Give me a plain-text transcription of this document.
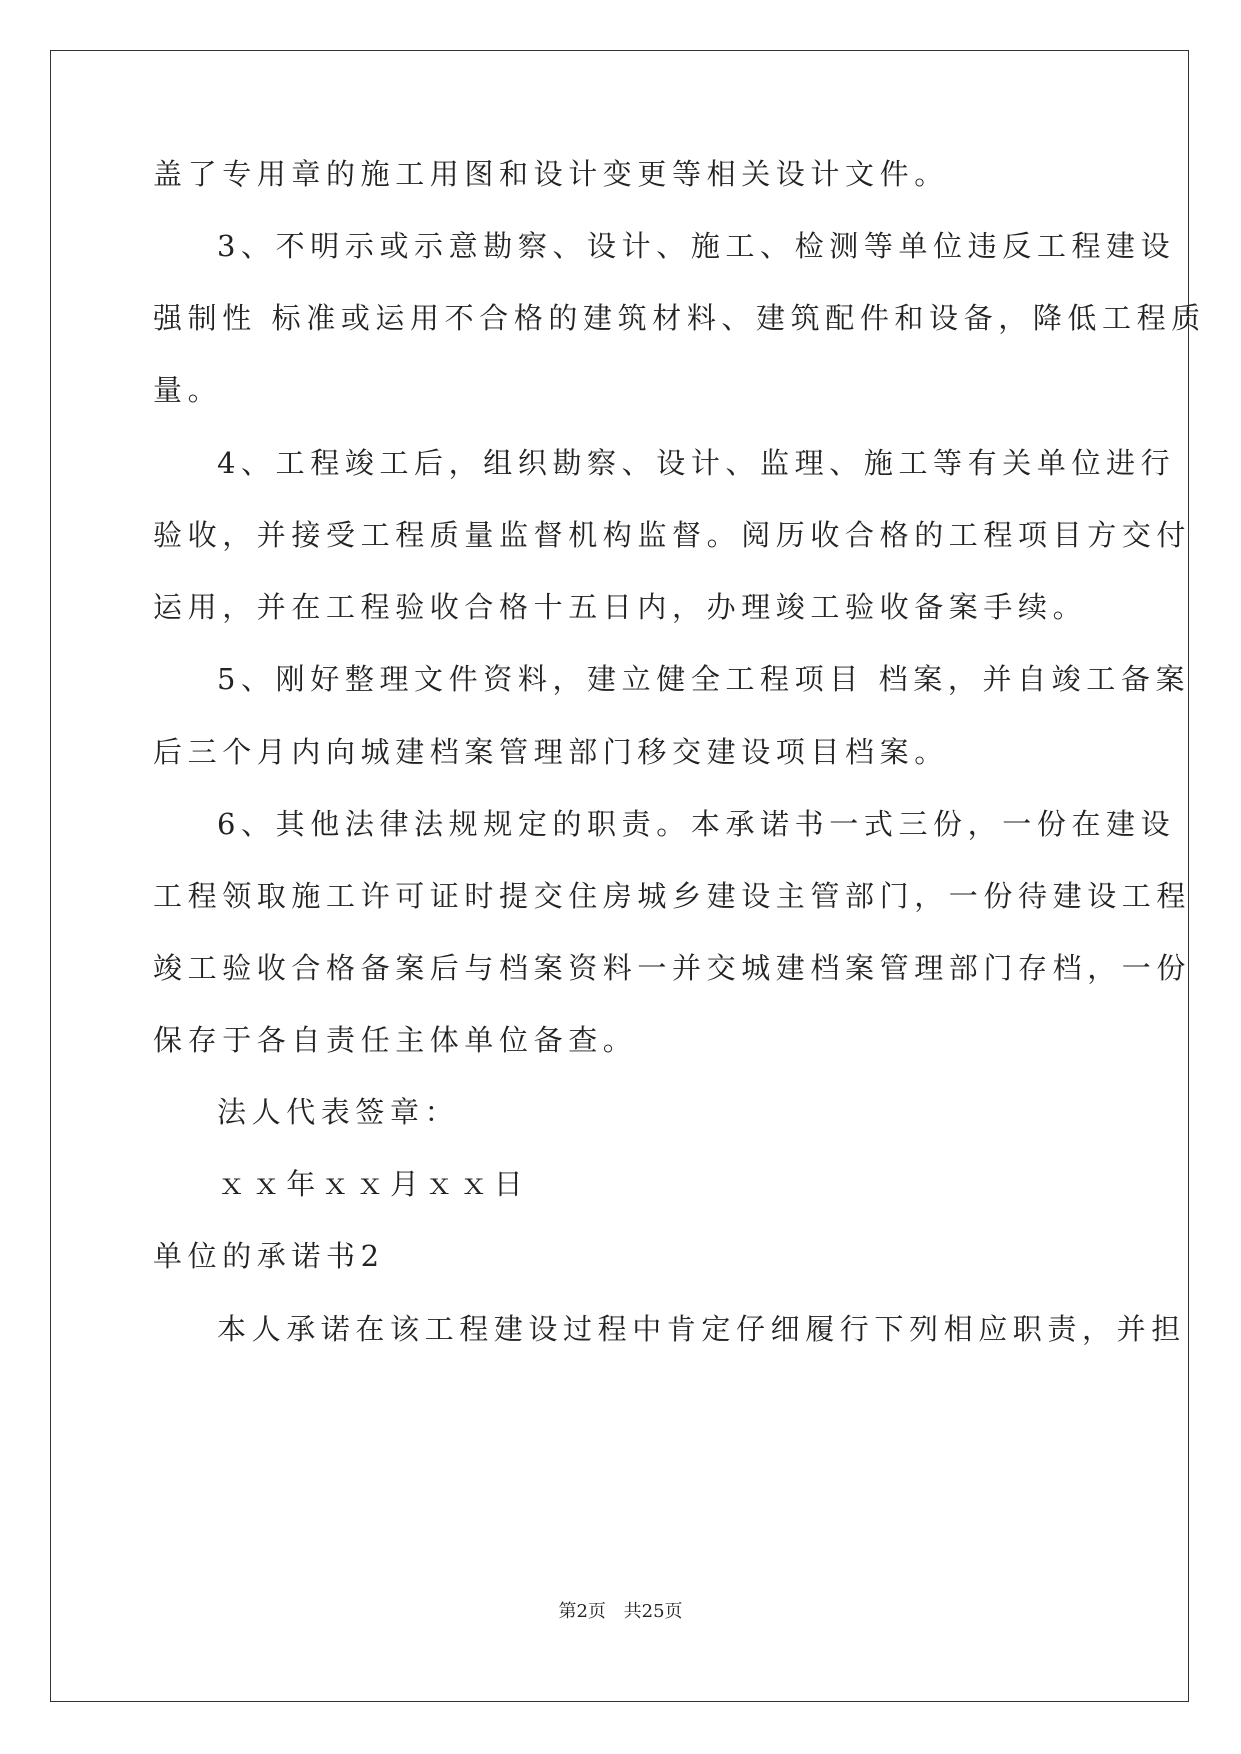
盖了专用章的施工用图和设计变更等相关设计文件。
3、不明示或示意勘察、设计、施工、检测等单位违反工程建设
强制性 标准或运用不合格的建筑材料、建筑配件和设备，降低工程质
量。
4、工程竣工后，组织勘察、设计、监理、施工等有关单位进行
验收，并接受工程质量监督机构监督。阅历收合格的工程项目方交付
运用，并在工程验收合格十五日内，办理竣工验收备案手续。
5、刚好整理文件资料，建立健全工程项目 档案，并自竣工备案
后三个月内向城建档案管理部门移交建设项目档案。
6、其他法律法规规定的职责。本承诺书一式三份，一份在建设
工程领取施工许可证时提交住房城乡建设主管部门，一份待建设工程
竣工验收合格备案后与档案资料一并交城建档案管理部门存档，一份
保存于各自责任主体单位备查。
法人代表签章：
ｘｘ年ｘｘ月ｘｘ日
单位的承诺书2
本人承诺在该工程建设过程中肯定仔细履行下列相应职责，并担
第2页 共25页
